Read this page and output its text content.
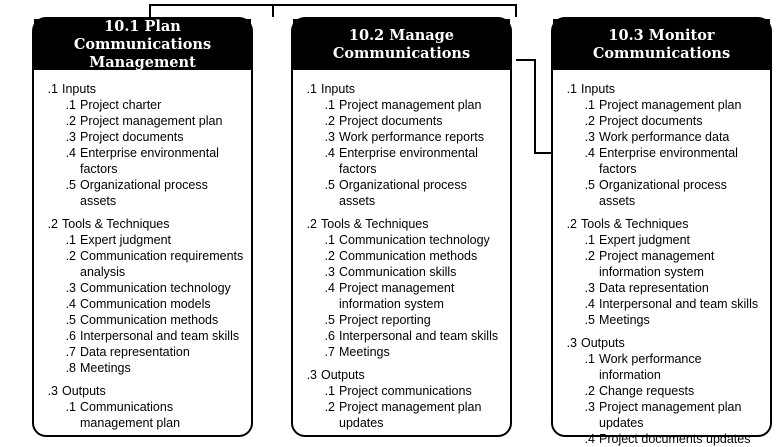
10.1 Plan Communications
Management
.1 Inputs
.1 Project charter
.2 Project management plan
.3 Project documents
.4 Enterprise environmental factors
.5 Organizational process assets
.2 Tools & Techniques
.1 Expert judgment
.2 Communication requirements analysis
.3 Communication technology
.4 Communication models
.5 Communication methods
.6 Interpersonal and team skills
.7 Data representation
.8 Meetings
.3 Outputs
.1 Communications management plan
10.2 Manage
Communications
.1 Inputs
.1 Project management plan
.2 Project documents
.3 Work performance reports
.4 Enterprise environmental factors
.5 Organizational process assets
.2 Tools & Techniques
.1 Communication technology
.2 Communication methods
.3 Communication skills
.4 Project management information system
.5 Project reporting
.6 Interpersonal and team skills
.7 Meetings
.3 Outputs
.1 Project communications
.2 Project management plan updates
10.3 Monitor
Communications
.1 Inputs
.1 Project management plan
.2 Project documents
.3 Work performance data
.4 Enterprise environmental factors
.5 Organizational process assets
.2 Tools & Techniques
.1 Expert judgment
.2 Project management information system
.3 Data representation
.4 Interpersonal and team skills
.5 Meetings
.3 Outputs
.1 Work performance information
.2 Change requests
.3 Project management plan updates
.4 Project documents updates
